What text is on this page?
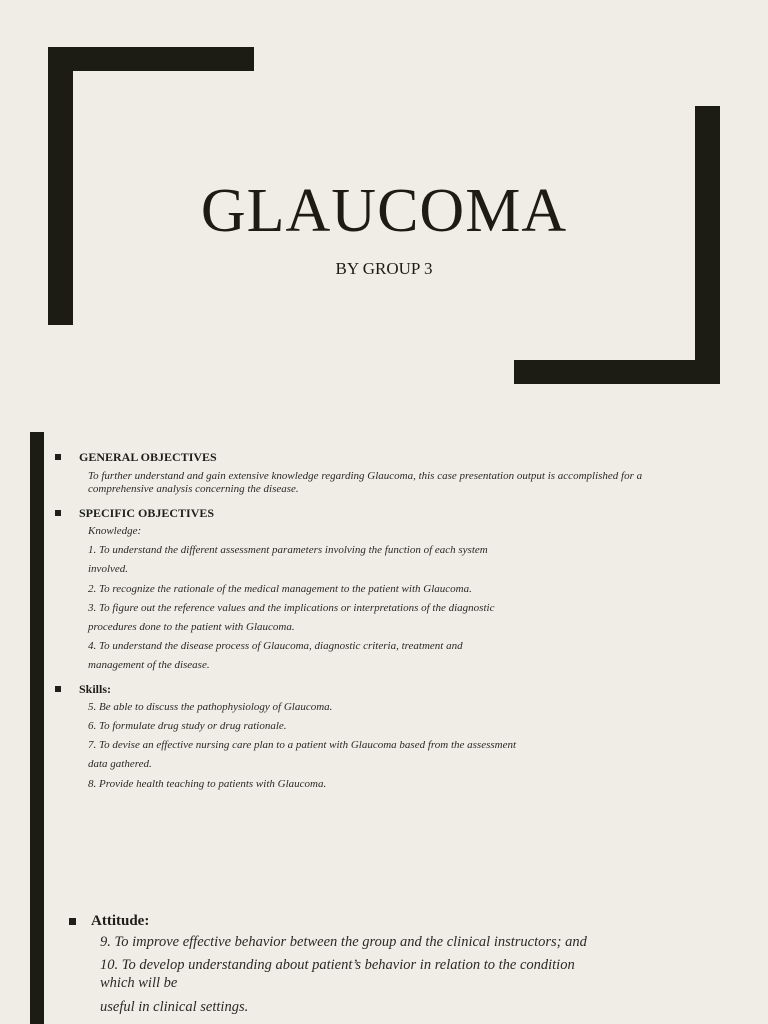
GLAUCOMA
BY GROUP 3
GENERAL OBJECTIVES
To further understand and gain extensive knowledge regarding Glaucoma, this case presentation output is accomplished for a
comprehensive analysis concerning the disease.
SPECIFIC OBJECTIVES
Knowledge:
1. To understand the different assessment parameters involving the function of each system
involved.
2. To recognize the rationale of the medical management to the patient with Glaucoma.
3. To figure out the reference values and the implications or interpretations of the diagnostic
procedures done to the patient with Glaucoma.
4. To understand the disease process of Glaucoma, diagnostic criteria, treatment and
management of the disease.
Skills:
5. Be able to discuss the pathophysiology of Glaucoma.
6. To formulate drug study or drug rationale.
7. To devise an effective nursing care plan to a patient with Glaucoma based from the assessment
data gathered.
8. Provide health teaching to patients with Glaucoma.
Attitude:
9. To improve effective behavior between the group and the clinical instructors; and
10. To develop understanding about patient’s behavior in relation to the condition
which will be
useful in clinical settings.
